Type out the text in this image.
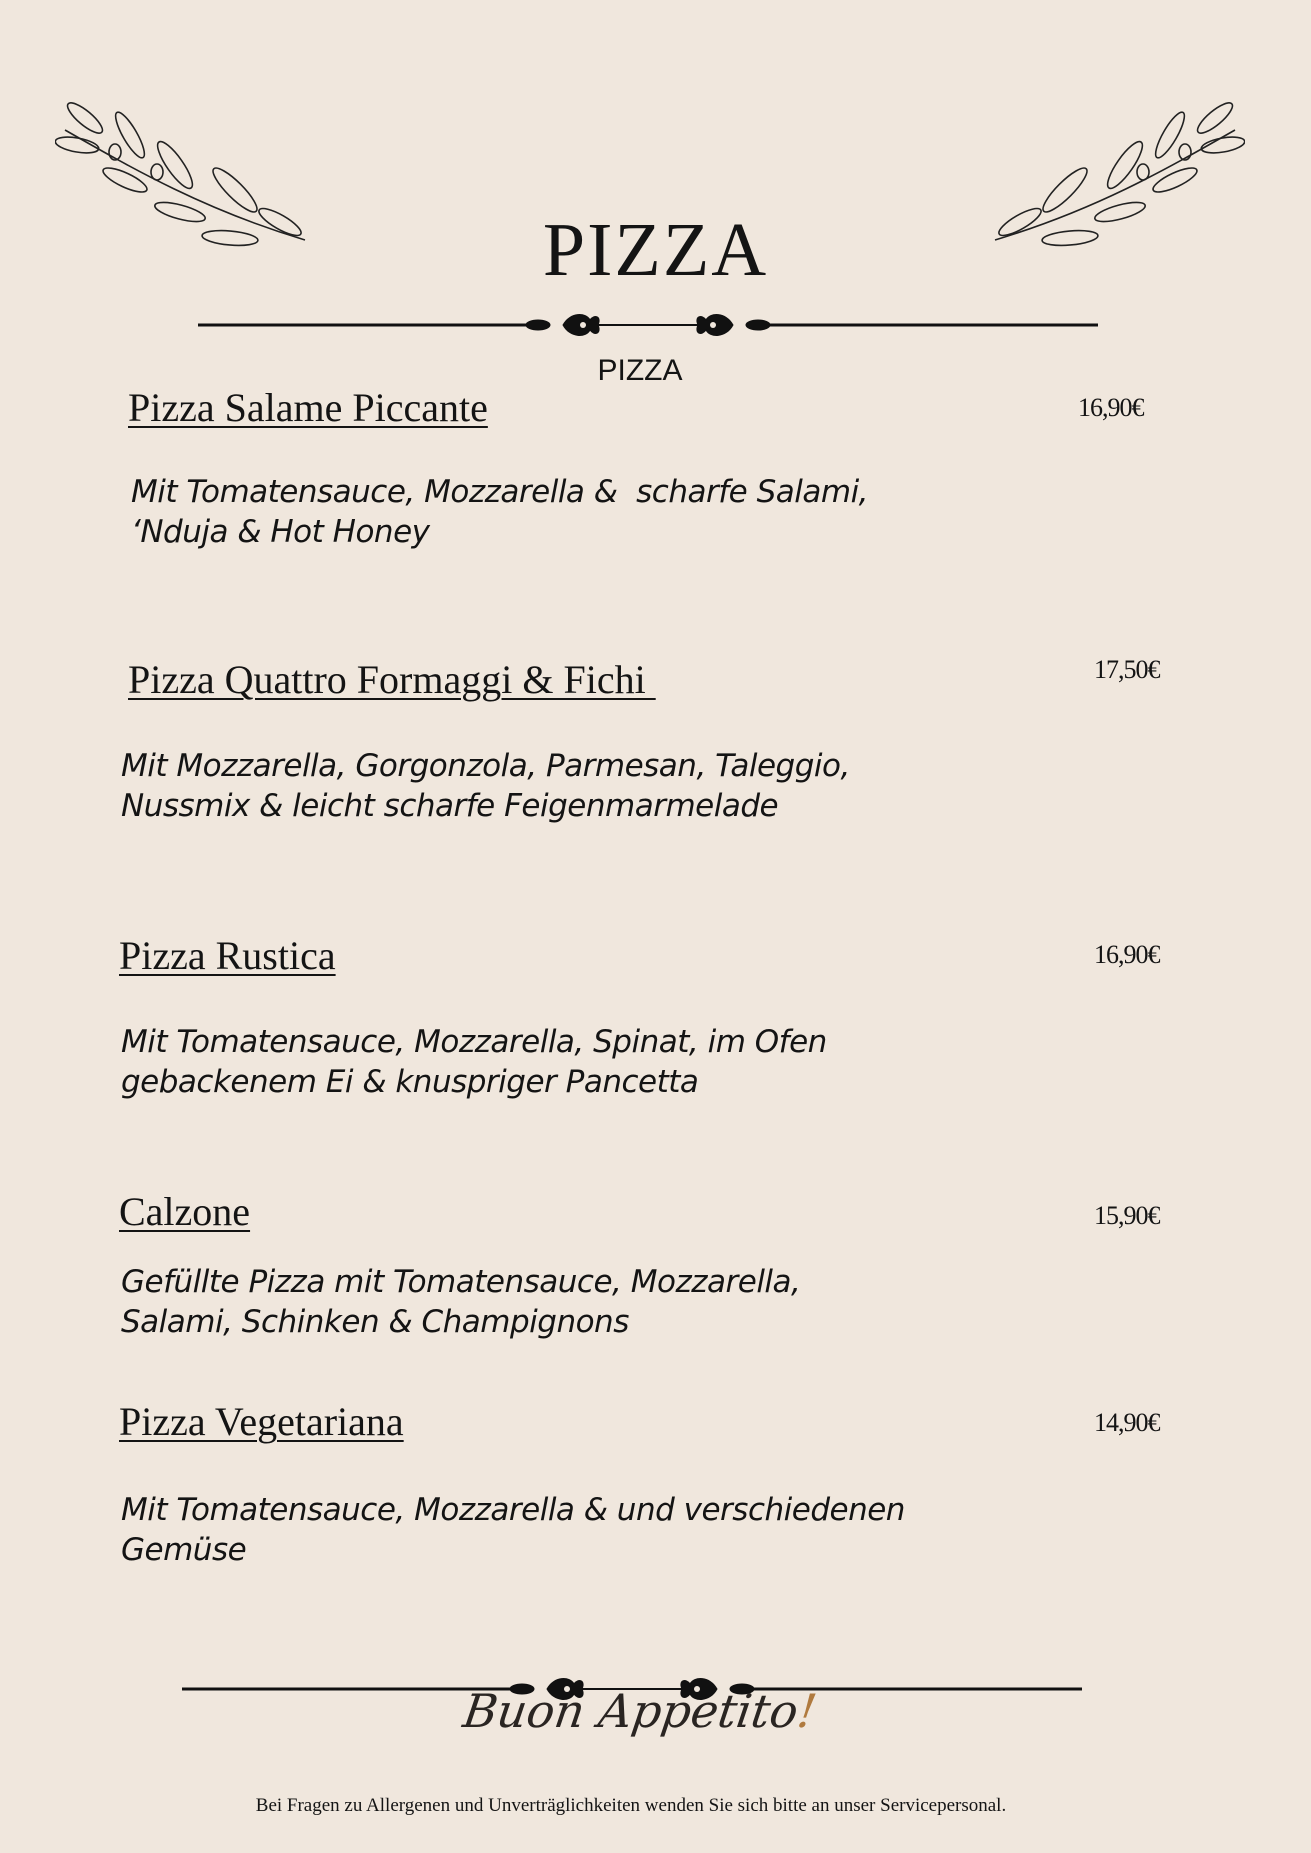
PIZZA
PIZZA
Pizza Salame Piccante	16,90€
Mit Tomatensauce, Mozzarella &  scharfe Salami,
‘Nduja & Hot Honey
Pizza Quattro Formaggi & Fichi	17,50€
Mit Mozzarella, Gorgonzola, Parmesan, Taleggio,
Nussmix & leicht scharfe Feigenmarmelade
Pizza Rustica	16,90€
Mit Tomatensauce, Mozzarella, Spinat, im Ofen
gebackenem Ei & knuspriger Pancetta
Calzone	15,90€
Gefüllte Pizza mit Tomatensauce, Mozzarella,
Salami, Schinken & Champignons
Pizza Vegetariana	14,90€
Mit Tomatensauce, Mozzarella & und verschiedenen
Gemüse
Buon Appetito!
Bei Fragen zu Allergenen und Unverträglichkeiten wenden Sie sich bitte an unser Servicepersonal.
